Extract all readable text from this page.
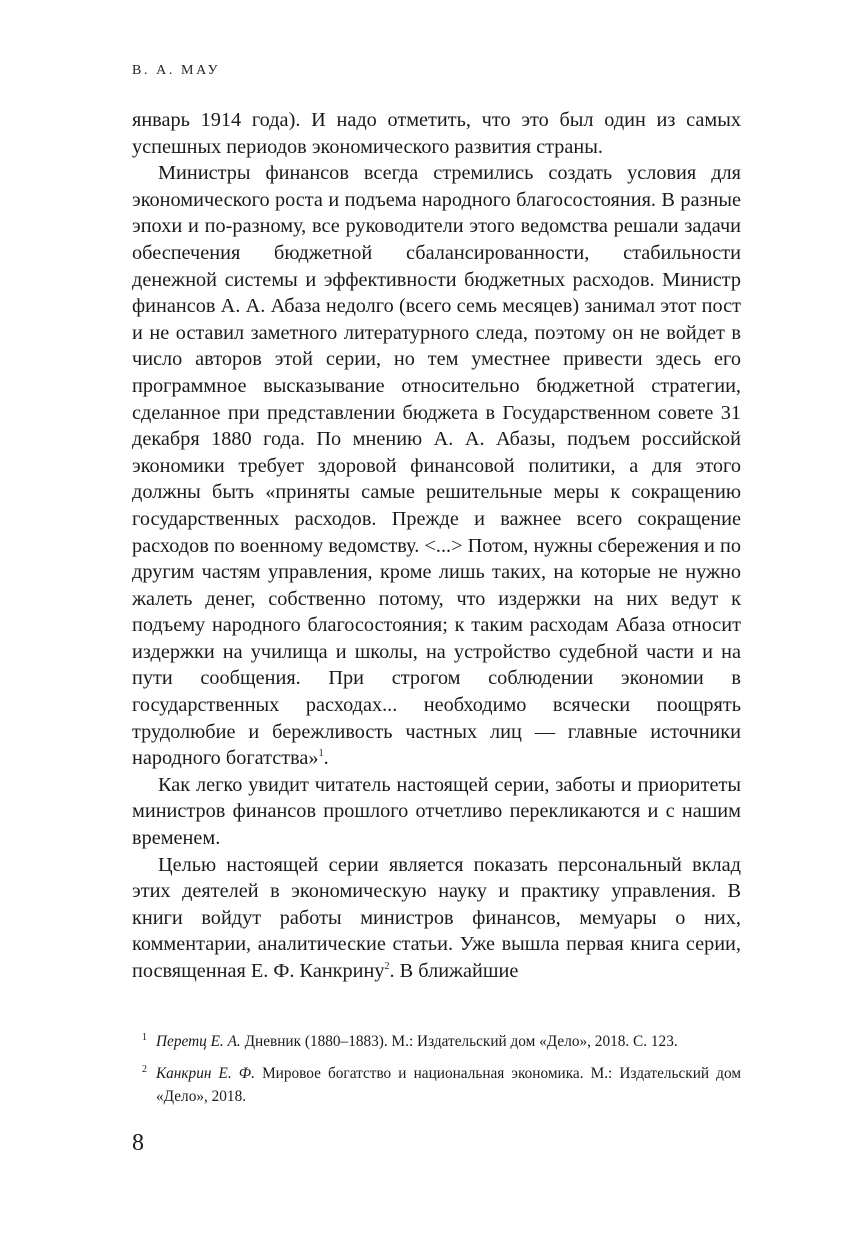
В. А. МАУ

январь 1914 года). И надо отметить, что это был один из самых успешных периодов экономического развития страны.

Министры финансов всегда стремились создать условия для экономического роста и подъема народного благосостояния. В разные эпохи и по-разному, все руководители этого ведомства решали задачи обеспечения бюджетной сбалансированности, стабильности денежной системы и эффективности бюджетных расходов. Министр финансов А. А. Абаза недолго (всего семь месяцев) занимал этот пост и не оставил заметного литературного следа, поэтому он не войдет в число авторов этой серии, но тем уместнее привести здесь его программное высказывание относительно бюджетной стратегии, сделанное при представлении бюджета в Государственном совете 31 декабря 1880 года. По мнению А. А. Абазы, подъем российской экономики требует здоровой финансовой политики, а для этого должны быть «приняты самые решительные меры к сокращению государственных расходов. Прежде и важнее всего сокращение расходов по военному ведомству. <...> Потом, нужны сбережения и по другим частям управления, кроме лишь таких, на которые не нужно жалеть денег, собственно потому, что издержки на них ведут к подъему народного благосостояния; к таким расходам Абаза относит издержки на училища и школы, на устройство судебной части и на пути сообщения. При строгом соблюдении экономии в государственных расходах... необходимо всячески поощрять трудолюбие и бережливость частных лиц — главные источники народного богатства»$^1$.

Как легко увидит читатель настоящей серии, заботы и приоритеты министров финансов прошлого отчетливо перекликаются и с нашим временем.

Целью настоящей серии является показать персональный вклад этих деятелей в экономическую науку и практику управления. В книги войдут работы министров финансов, мемуары о них, комментарии, аналитические статьи. Уже вышла первая книга серии, посвященная Е. Ф. Канкрину$^2$. В ближайшие

1 Перетц Е. А. Дневник (1880–1883). М.: Издательский дом «Дело», 2018. С. 123.
2 Канкрин Е. Ф. Мировое богатство и национальная экономика. М.: Издательский дом «Дело», 2018.
8
